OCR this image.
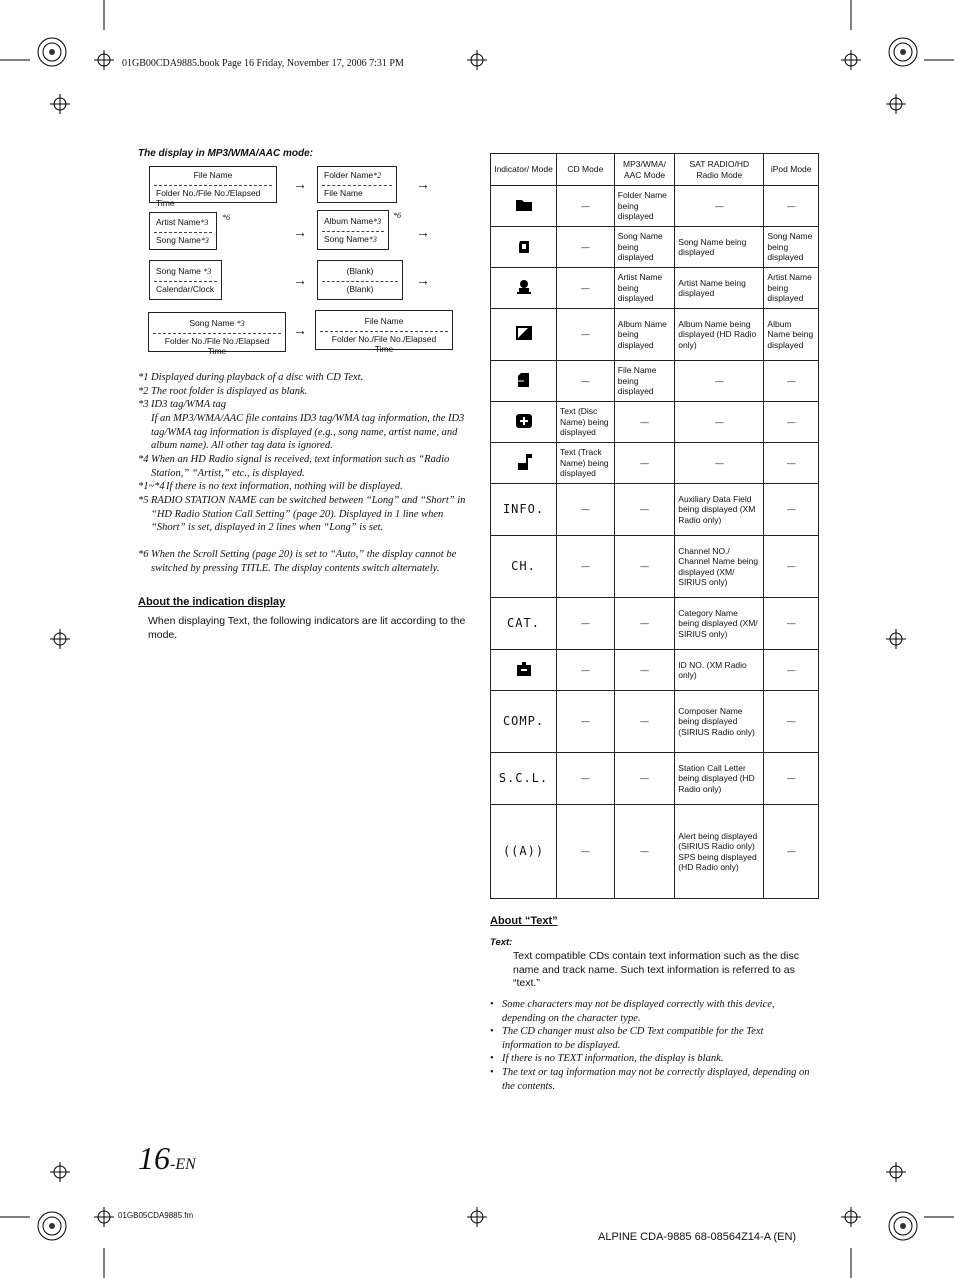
01GB00CDA9885.book Page 16 Friday, November 17, 2006 7:31 PM
The display in MP3/WMA/AAC mode:
File Name
Folder No./File No./Elapsed Time
→
Folder Name*2
File Name
→
Artist Name*3
Song Name*3
*6
→
Album Name*3
Song Name*3
*6
→
Song Name *3
Calendar/Clock
→
(Blank)
(Blank)
→
Song Name *3
Folder No./File No./Elapsed Time
→
File Name
Folder No./File No./Elapsed Time
*1 Displayed during playback of a disc with CD Text.
*2 The root folder is displayed as blank.
*3 ID3 tag/WMA tag
If an MP3/WMA/AAC file contains ID3 tag/WMA tag information, the ID3 tag/WMA tag information is displayed (e.g., song name, artist name, and album name). All other tag data is ignored.
*4 When an HD Radio signal is received, text information such as “Radio Station,” “Artist,” etc., is displayed.
*1~*4 If there is no text information, nothing will be displayed.
*5 RADIO STATION NAME can be switched between “Long” and “Short” in “HD Radio Station Call Setting” (page 20). Displayed in 1 line when “Short” is set, displayed in 2 lines when “Long” is set.
*6 When the Scroll Setting (page 20) is set to “Auto,” the display cannot be switched by pressing TITLE. The display contents switch alternately.
About the indication display
When displaying Text, the following indicators are lit according to the mode.
Indicator/ Mode	CD Mode	MP3/WMA/ AAC Mode	SAT RADIO/HD Radio Mode	iPod Mode
	—	Folder Name being displayed	—	—
	—	Song Name being displayed	Song Name being displayed	Song Name being displayed
	—	Artist Name being displayed	Artist Name being displayed	Artist Name being displayed
	—	Album Name being displayed	Album Name being displayed (HD Radio only)	Album Name being displayed
	—	File Name being displayed	—	—
	Text (Disc Name) being displayed	—	—	—
	Text (Track Name) being displayed	—	—	—
INFO.	—	—	Auxiliary Data Field being displayed (XM Radio only)	—
CH.	—	—	Channel NO./ Channel Name being displayed (XM/ SIRIUS only)	—
CAT.	—	—	Category Name being displayed (XM/ SIRIUS only)	—
	—	—	ID NO. (XM Radio only)	—
COMP.	—	—	Composer Name being displayed (SIRIUS Radio only)	—
S.C.L.	—	—	Station Call Letter being displayed (HD Radio only)	—
((A))	—	—	Alert being displayed (SIRIUS Radio only) SPS being displayed (HD Radio only)	—
About “Text”
Text:
Text compatible CDs contain text information such as the disc name and track name. Such text information is referred to as “text.”
• Some characters may not be displayed correctly with this device, depending on the character type.
• The CD changer must also be CD Text compatible for the Text information to be displayed.
• If there is no TEXT information, the display is blank.
• The text or tag information may not be correctly displayed, depending on the contents.
16-EN
01GB05CDA9885.fm
ALPINE CDA-9885 68-08564Z14-A (EN)
